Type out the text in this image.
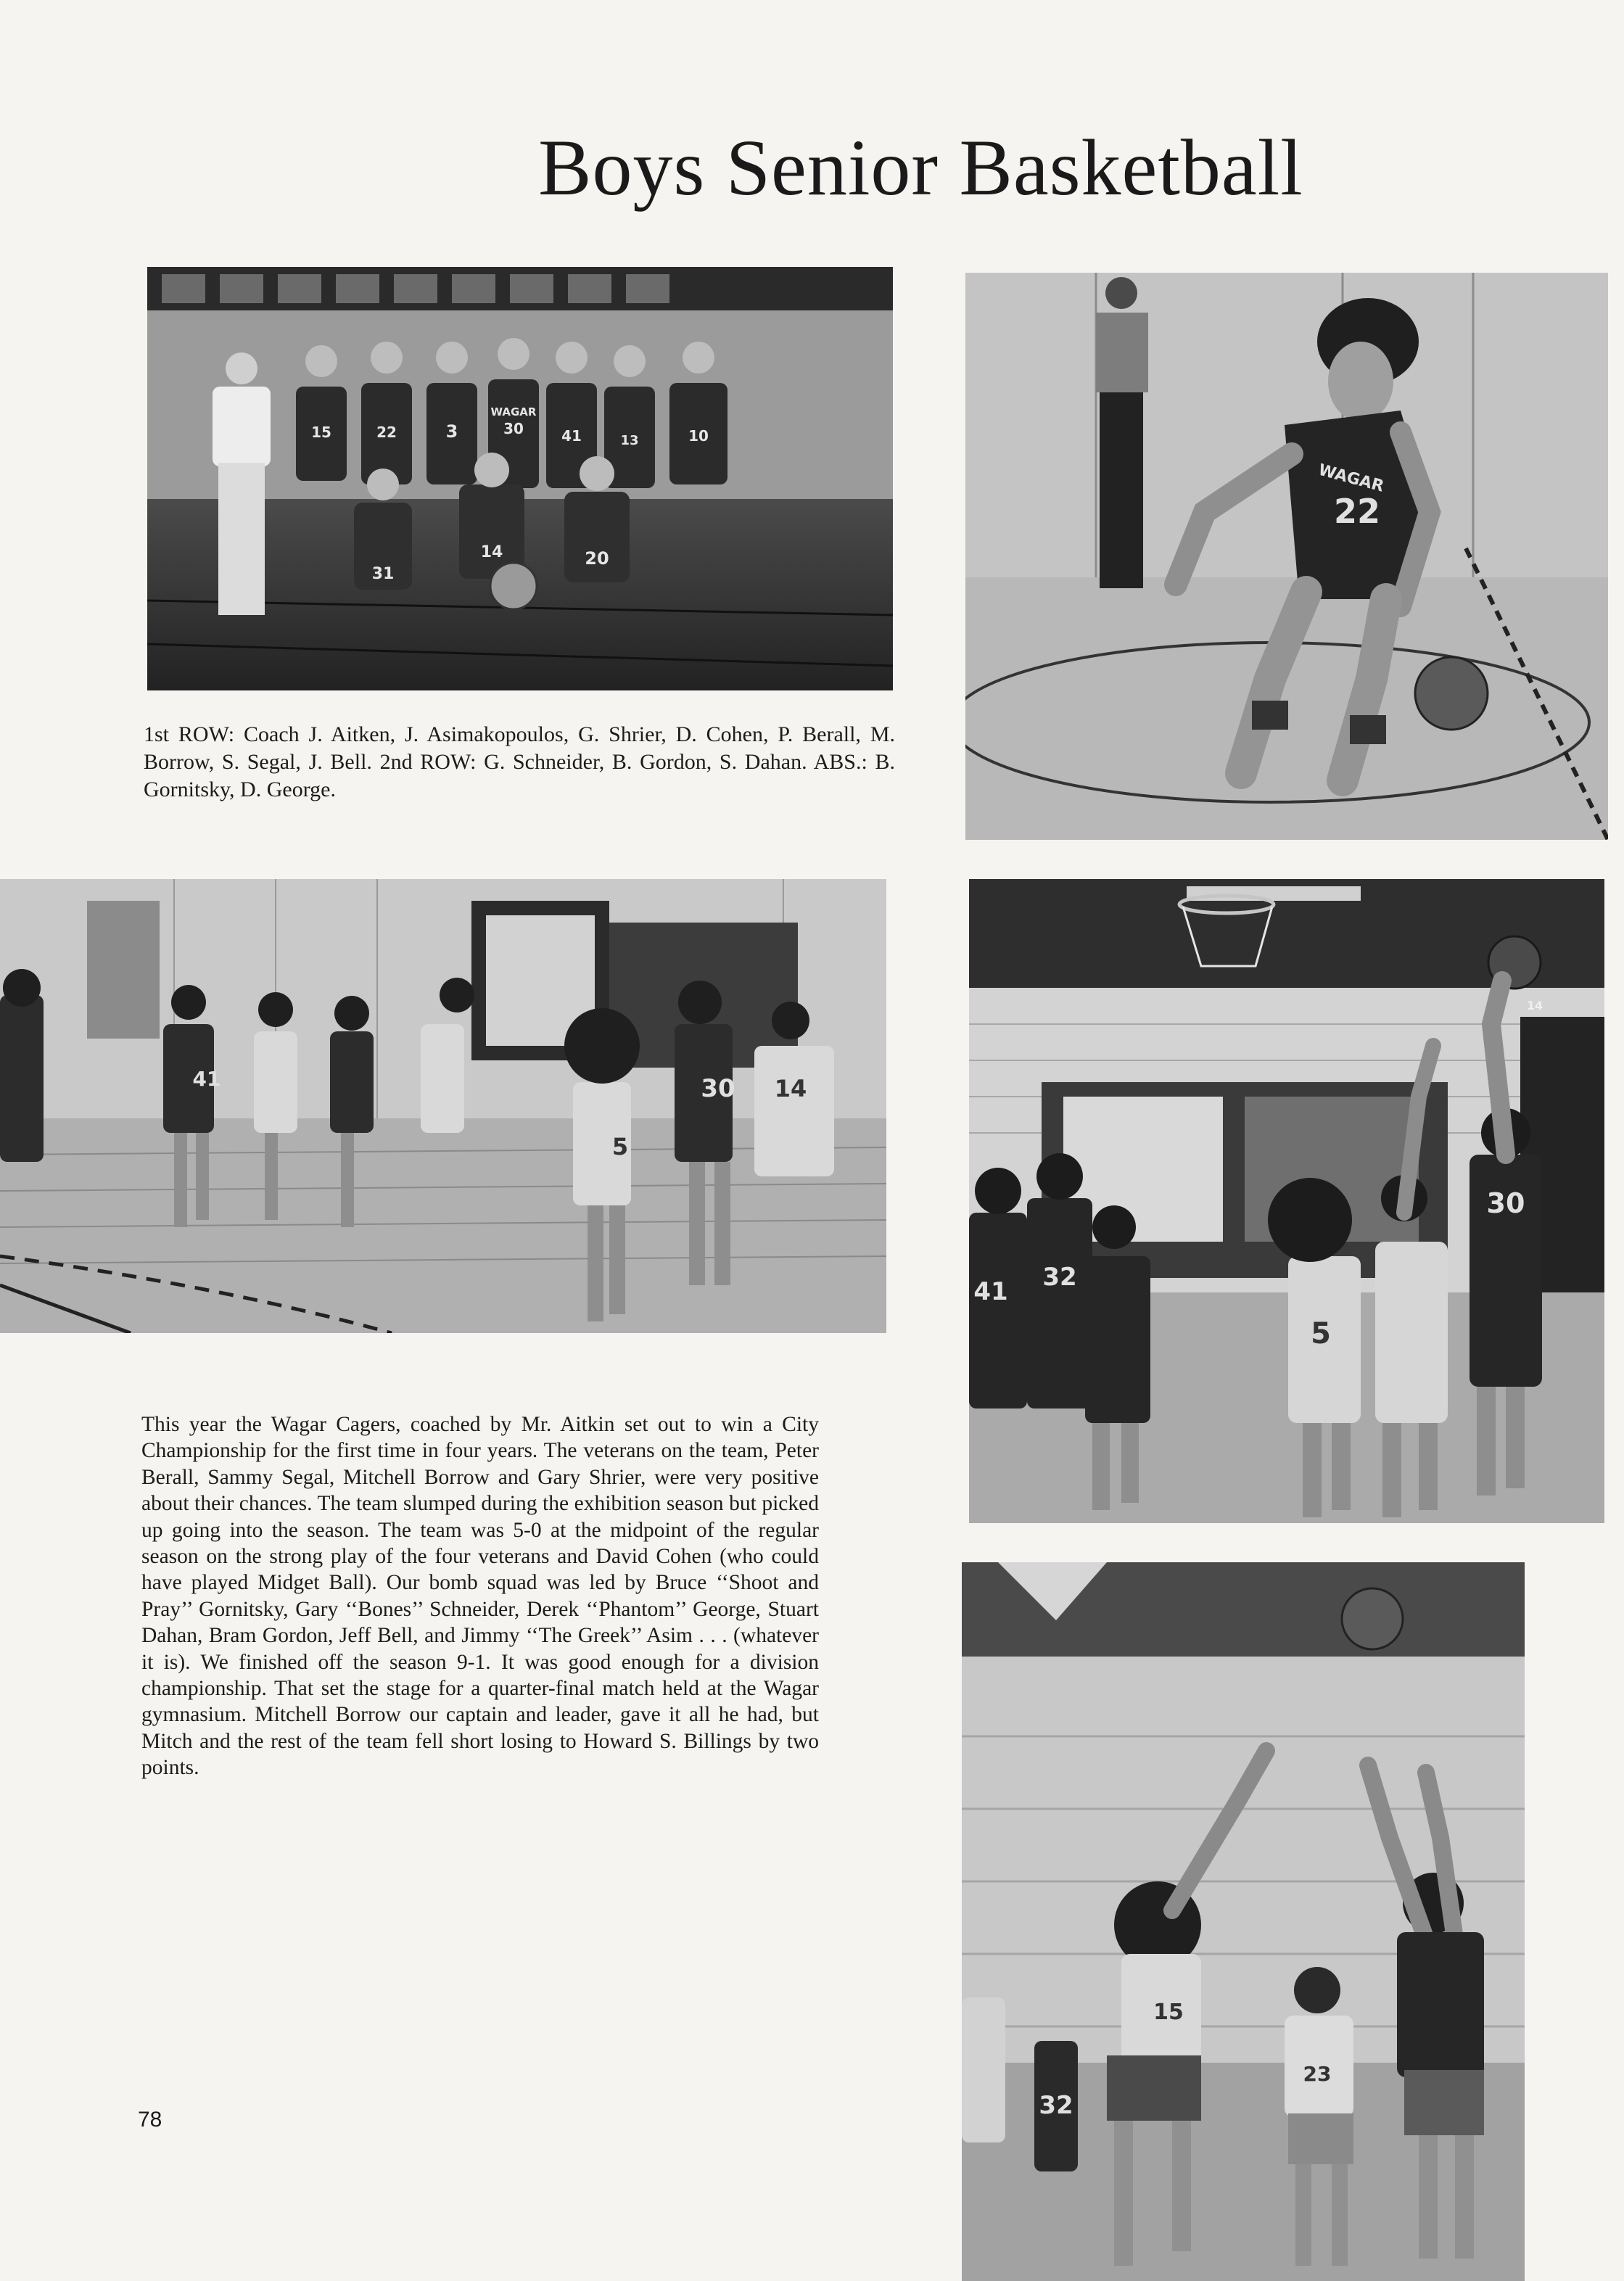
Boys Senior Basketball
WAGAR
15	22	3	30	41	13	10
31
14	20

1st ROW: Coach J. Aitken, J. Asimakopoulos, G. Shrier, D. Cohen, P. Berall, M. Borrow, S. Segal, J. Bell. 2nd ROW: G. Schneider, B. Gordon, S. Dahan. ABS.: B. Gornitsky, D. George.

WAGAR
22
41
5
30 14
41 32
5
30
14

This year the Wagar Cagers, coached by Mr. Aitkin set out to win a City Championship for the first time in four years. The veterans on the team, Peter Berall, Sammy Segal, Mitchell Borrow and Gary Shrier, were very positive about their chances. The team slumped during the exhibition season but picked up going into the season. The team was 5-0 at the midpoint of the regular season on the strong play of the four veterans and David Cohen (who could have played Midget Ball). Our bomb squad was led by Bruce ‘‘Shoot and Pray’’ Gornitsky, Gary ‘‘Bones’’ Schneider, Derek ‘‘Phantom’’ George, Stuart Dahan, Bram Gordon, Jeff Bell, and Jimmy ‘‘The Greek’’ Asim . . . (whatever it is). We finished off the season 9-1. It was good enough for a division championship. That set the stage for a quarter-final match held at the Wagar gymnasium. Mitchell Borrow our captain and leader, gave it all he had, but Mitch and the rest of the team fell short losing to Howard S. Billings by two points.

15
23
32

78
